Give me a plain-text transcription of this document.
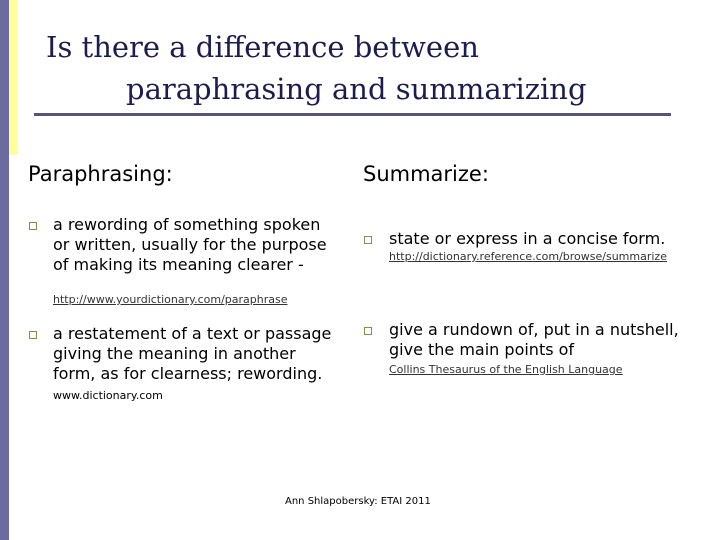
Is there a difference between
paraphrasing and summarizing
Paraphrasing:
a rewording of something spoken or written, usually for the purpose of making its meaning clearer -
http://www.yourdictionary.com/paraphrase
a restatement of a text or passage giving the meaning in another form, as for clearness; rewording. www.dictionary.com
Summarize:
state or express in a concise form.
http://dictionary.reference.com/browse/summarize
give a rundown of, put in a nutshell, give the main points of
Collins Thesaurus of the English Language
Ann Shlapobersky: ETAI 2011
